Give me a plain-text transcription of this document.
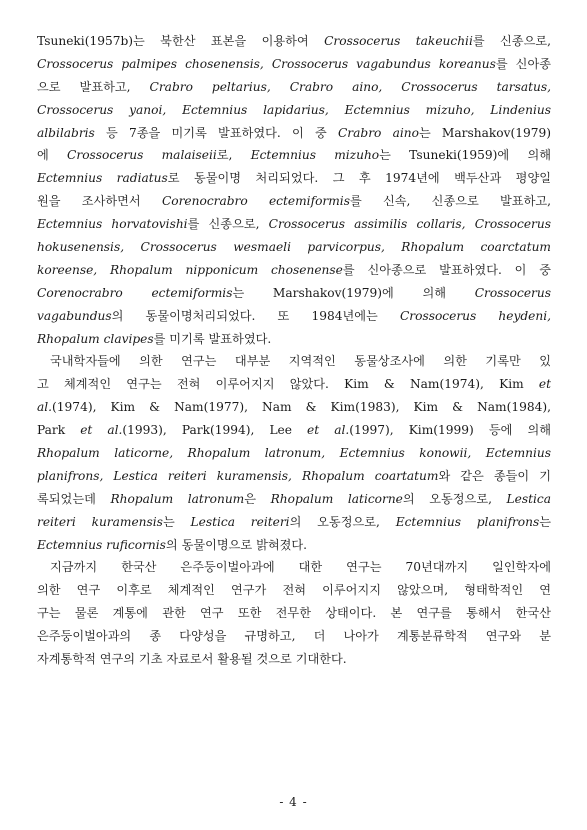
Tsuneki(1957b)는 북한산 표본을 이용하여 Crossocerus takeuchii를 신종으로,
Crossocerus palmipes chosenensis, Crossocerus vagabundus koreanus를 신아종
으로 발표하고, Crabro peltarius, Crabro aino, Crossocerus tarsatus,
Crossocerus yanoi, Ectemnius lapidarius, Ectemnius mizuho, Lindenius
albilabris 등 7종을 미기록 발표하였다. 이 중 Crabro aino는 Marshakov(1979)
에 Crossocerus malaiseii로, Ectemnius mizuho는 Tsuneki(1959)에 의해
Ectemnius radiatus로 동물이명 처리되었다. 그 후 1974년에 백두산과 평양일
원을 조사하면서 Corenocrabro ectemiformis를 신속, 신종으로 발표하고,
Ectemnius horvatovishi를 신종으로, Crossocerus assimilis collaris, Crossocerus
hokusenensis, Crossocerus wesmaeli parvicorpus, Rhopalum coarctatum
koreense, Rhopalum nipponicum chosenense를 신아종으로 발표하였다. 이 중
Corenocrabro ectemiformis는 Marshakov(1979)에 의해 Crossocerus
vagabundus의 동물이명처리되었다. 또 1984년에는 Crossocerus heydeni,
Rhopalum clavipes를 미기록 발표하였다.
국내학자들에 의한 연구는 대부분 지역적인 동물상조사에 의한 기록만 있
고 체계적인 연구는 전혀 이루어지지 않았다. Kim & Nam(1974), Kim et
al.(1974), Kim & Nam(1977), Nam & Kim(1983), Kim & Nam(1984),
Park et al.(1993), Park(1994), Lee et al.(1997), Kim(1999) 등에 의해
Rhopalum laticorne, Rhopalum latronum, Ectemnius konowii, Ectemnius
planifrons, Lestica reiteri kuramensis, Rhopalum coartatum와 같은 종들이 기
록되었는데 Rhopalum latronum은 Rhopalum laticorne의 오동정으로, Lestica
reiteri kuramensis는 Lestica reiteri의 오동정으로, Ectemnius planifrons는
Ectemnius ruficornis의 동물이명으로 밝혀졌다.
지금까지 한국산 은주둥이벌아과에 대한 연구는 70년대까지 일인학자에
의한 연구 이후로 체계적인 연구가 전혀 이루어지지 않았으며, 형태학적인 연
구는 물론 계통에 관한 연구 또한 전무한 상태이다. 본 연구를 통해서 한국산
은주둥이벌아과의 종 다양성을 규명하고, 더 나아가 계통분류학적 연구와 분
자계통학적 연구의 기초 자료로서 활용될 것으로 기대한다.
- 4 -
